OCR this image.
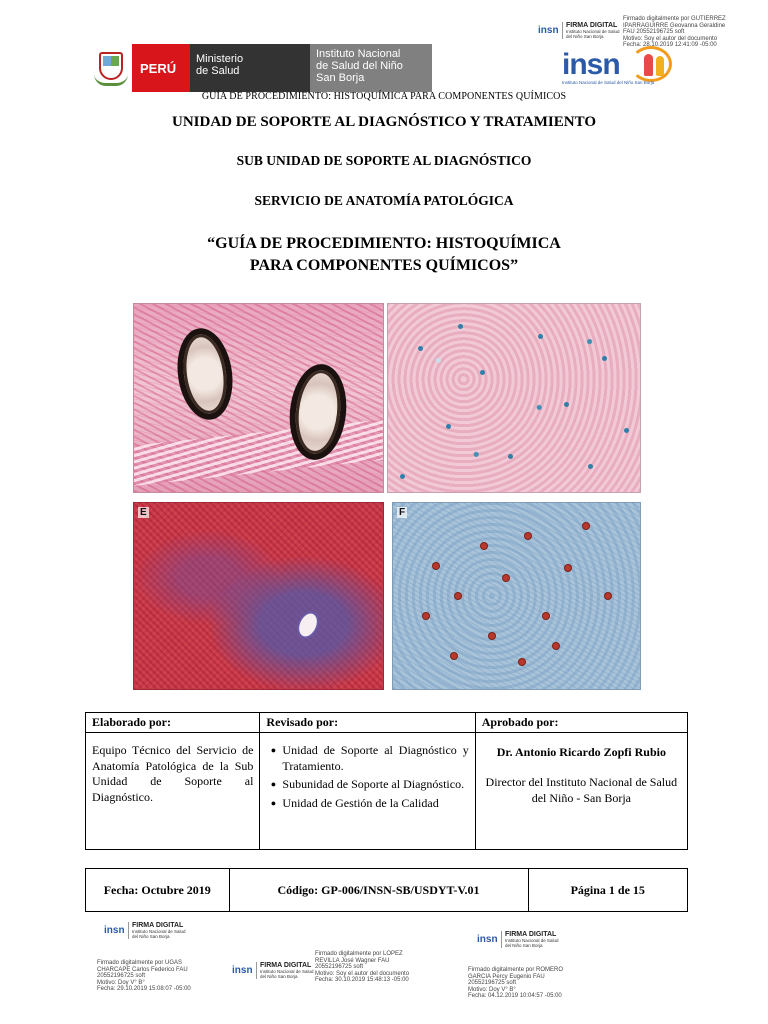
PERÚ
Ministerio
de Salud
Instituto Nacional
de Salud del Niño
San Borja
insn	FIRMA DIGITAL
Instituto Nacional de Salud del Niño San Borja
Firmado digitalmente por GUTIERREZ
IPARRAGUIRRE Geovanna Geraldine
FAU 20552196725 soft
Motivo: Soy el autor del documento
Fecha: 28.10.2019 12:41:09 -05:00
insn
Instituto Nacional de Salud del Niño San Borja
GUÍA DE PROCEDIMIENTO: HISTOQUÍMICA PARA COMPONENTES QUÍMICOS
UNIDAD DE SOPORTE AL DIAGNÓSTICO Y TRATAMIENTO
SUB UNIDAD DE SOPORTE AL DIAGNÓSTICO
SERVICIO DE ANATOMÍA PATOLÓGICA
“GUÍA DE PROCEDIMIENTO: HISTOQUÍMICA
PARA COMPONENTES QUÍMICOS”
E	F
Elaborado por:
Equipo Técnico del Servicio de Anatomía Patológica de la Sub Unidad de Soporte al Diagnóstico.
Revisado por:
● Unidad de Soporte al Diagnóstico y Tratamiento.
● Subunidad de Soporte al Diagnóstico.
● Unidad de Gestión de la Calidad
Aprobado por:
Dr. Antonio Ricardo Zopfi Rubio
Director del Instituto Nacional de Salud del Niño - San Borja
Fecha: Octubre 2019	Código: GP-006/INSN-SB/USDYT-V.01	Página 1 de 15
insn	FIRMA DIGITAL
Instituto Nacional de Salud del Niño San Borja
Firmado digitalmente por UGAS
CHARCAPE Carlos Federico FAU
20552196725 soft
Motivo: Doy V° B°
Fecha: 29.10.2019 15:08:07 -05:00
insn	FIRMA DIGITAL
Instituto Nacional de Salud del Niño San Borja
Firmado digitalmente por LOPEZ
REVILLA José Wagner FAU
20552196725 soft
Motivo: Soy el autor del documento
Fecha: 30.10.2019 15:48:13 -05:00
insn	FIRMA DIGITAL
Instituto Nacional de Salud del Niño San Borja
Firmado digitalmente por ROMERO
GARCIA Percy Eugenio FAU
20552196725 soft
Motivo: Doy V° B°
Fecha: 04.12.2019 10:04:57 -05:00
